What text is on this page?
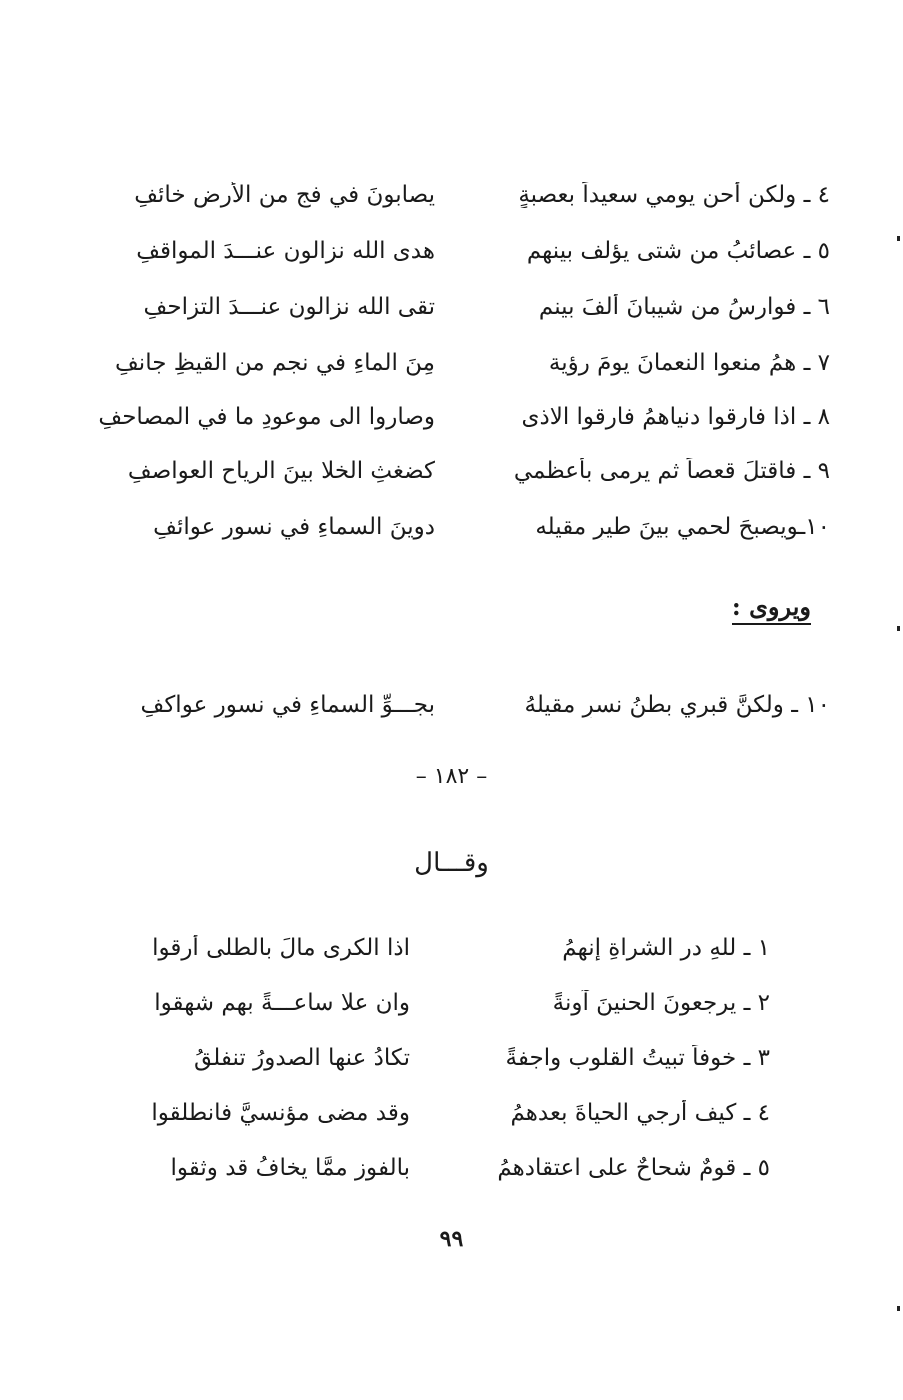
٤ ـ ولكن أحن يومي سعيداً بعصبةٍ
يصابونَ في فج من الأرض خائفِ
٥ ـ عصائبُ من شتى يؤلف بينهم
هدى الله نزالون عنـــدَ المواقفِ
٦ ـ فوارسُ من شيبانَ ألفَ بينم
تقى الله نزالون عنـــدَ التزاحفِ
٧ ـ همُ منعوا النعمانَ يومَ رؤية
مِنَ الماءِ في نجم من القيظِ جانفِ
٨ ـ اذا فارقوا دنياهمُ فارقوا الاذى
وصاروا الى موعودِ ما في المصاحفِ
٩ ـ فاقتلَ قعصاً ثم يرمى بأعظمي
كضغثِ الخلا بينَ الرياحِ العواصفِ
١٠ـويصبحَ لحمي بينَ طيرٍ مقيله
دوينَ السماءِ في نسورٍ عوائفِ
ويروى :
١٠ ـ ولكنَّ قبري بطنُ نسرٍ مقيلهُ
بجـــوِّ السماءِ في نسورٍ عواكفِ
– ١٨٢ –
وقـــال
١ ـ للهِ در الشراةِ إنهمُ
اذا الكرى مالَ بالطلى أرقوا
٢ ـ يرجعونَ الحنينَ آونةً
وان علا ساعـــةً بهم شهقوا
٣ ـ خوفاً تبيتُ القلوب واجفةً
تكادُ عنها الصدورُ تنفلقُ
٤ ـ كيف أرجي الحياةَ بعدهمُ
وقد مضى مؤنسيَّ فانطلقوا
٥ ـ قومٌ شحاحٌ على اعتقادهمُ
بالفوزِ ممَّا يخافُ قد وثقوا
٩٩
